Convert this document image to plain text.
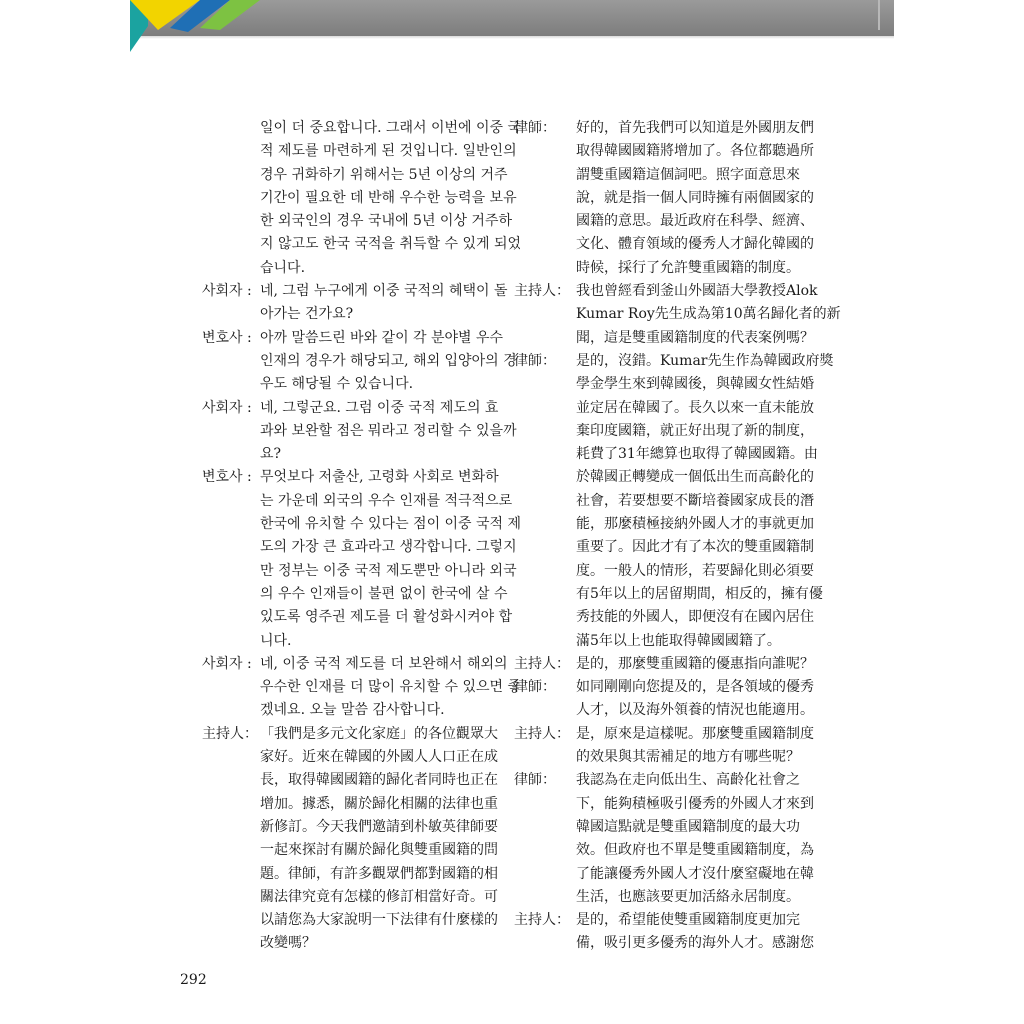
일이 더 중요합니다. 그래서 이번에 이중 국
적 제도를 마련하게 된 것입니다. 일반인의
경우 귀화하기 위해서는 5년 이상의 거주
기간이 필요한 데 반해 우수한 능력을 보유
한 외국인의 경우 국내에 5년 이상 거주하
지 않고도 한국 국적을 취득할 수 있게 되었
습니다.
사회자 : 네, 그럼 누구에게 이중 국적의 혜택이 돌
아가는 건가요?
변호사 : 아까 말씀드린 바와 같이 각 분야별 우수
인재의 경우가 해당되고, 해외 입양아의 경
우도 해당될 수 있습니다.
사회자 : 네, 그렇군요. 그럼 이중 국적 제도의 효
과와 보완할 점은 뭐라고 정리할 수 있을까
요?
변호사 : 무엇보다 저출산, 고령화 사회로 변화하
는 가운데 외국의 우수 인재를 적극적으로
한국에 유치할 수 있다는 점이 이중 국적 제
도의 가장 큰 효과라고 생각합니다. 그렇지
만 정부는 이중 국적 제도뿐만 아니라 외국
의 우수 인재들이 불편 없이 한국에 살 수
있도록 영주권 제도를 더 활성화시켜야 합
니다.
사회자 : 네, 이중 국적 제도를 더 보완해서 해외의
우수한 인재를 더 많이 유치할 수 있으면 좋
겠네요. 오늘 말씀 감사합니다.
主持人： 「我們是多元文化家庭」的各位觀眾大
家好。近來在韓國的外國人人口正在成
長，取得韓國國籍的歸化者同時也正在
增加。據悉，關於歸化相關的法律也重
新修訂。今天我們邀請到朴敏英律師要
一起來探討有關於歸化與雙重國籍的問
題。律師，有許多觀眾們都對國籍的相
關法律究竟有怎樣的修訂相當好奇。可
以請您為大家說明一下法律有什麼樣的
改變嗎？
律師：	好的，首先我們可以知道是外國朋友們
取得韓國國籍將增加了。各位都聽過所
謂雙重國籍這個詞吧。照字面意思來
說，就是指一個人同時擁有兩個國家的
國籍的意思。最近政府在科學、經濟、
文化、體育領域的優秀人才歸化韓國的
時候，採行了允許雙重國籍的制度。
主持人： 我也曾經看到釜山外國語大學教授Alok
Kumar Roy先生成為第10萬名歸化者的新
聞，這是雙重國籍制度的代表案例嗎？
律師：	是的，沒錯。Kumar先生作為韓國政府獎
學金學生來到韓國後，與韓國女性結婚
並定居在韓國了。長久以來一直未能放
棄印度國籍，就正好出現了新的制度，
耗費了31年總算也取得了韓國國籍。由
於韓國正轉變成一個低出生而高齡化的
社會，若要想要不斷培養國家成長的潛
能，那麼積極接納外國人才的事就更加
重要了。因此才有了本次的雙重國籍制
度。一般人的情形，若要歸化則必須要
有5年以上的居留期間，相反的，擁有優
秀技能的外國人，即便沒有在國內居住
滿5年以上也能取得韓國國籍了。
主持人： 是的，那麼雙重國籍的優惠指向誰呢？
律師：	如同剛剛向您提及的，是各領域的優秀
人才，以及海外領養的情況也能適用。
主持人： 是，原來是這樣呢。那麼雙重國籍制度
的效果與其需補足的地方有哪些呢？
律師：	我認為在走向低出生、高齡化社會之
下，能夠積極吸引優秀的外國人才來到
韓國這點就是雙重國籍制度的最大功
效。但政府也不單是雙重國籍制度，為
了能讓優秀外國人才沒什麼窒礙地在韓
生活，也應該要更加活絡永居制度。
主持人： 是的，希望能使雙重國籍制度更加完
備，吸引更多優秀的海外人才。感謝您
292
